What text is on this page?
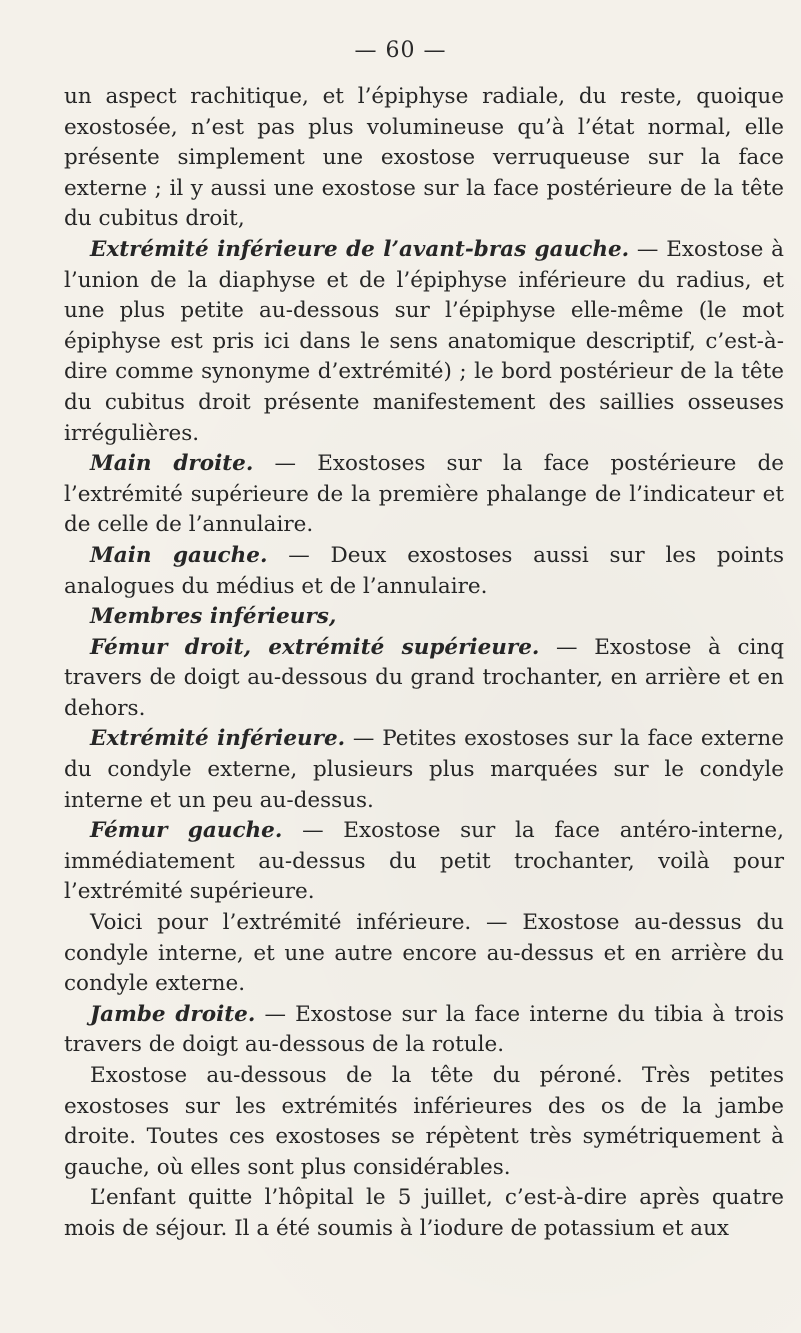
— 60 —

un aspect rachitique, et l’épiphyse radiale, du reste, quoique exostosée, n’est pas plus volumineuse qu’à l’état normal, elle présente simplement une exostose verruqueuse sur la face externe ; il y aussi une exostose sur la face postérieure de la tête du cubitus droit,

Extrémité inférieure de l’avant-bras gauche. — Exostose à l’union de la diaphyse et de l’épiphyse inférieure du radius, et une plus petite au-dessous sur l’épiphyse elle-même (le mot épiphyse est pris ici dans le sens anatomique descriptif, c’est-à-dire comme synonyme d’extrémité) ; le bord postérieur de la tête du cubitus droit présente manifestement des saillies osseuses irrégulières.

Main droite. — Exostoses sur la face postérieure de l’extrémité supérieure de la première phalange de l’indicateur et de celle de l’annulaire.

Main gauche. — Deux exostoses aussi sur les points analogues du médius et de l’annulaire.

Membres inférieurs,

Fémur droit, extrémité supérieure. — Exostose à cinq travers de doigt au-dessous du grand trochanter, en arrière et en dehors.

Extrémité inférieure. — Petites exostoses sur la face externe du condyle externe, plusieurs plus marquées sur le condyle interne et un peu au-dessus.

Fémur gauche. — Exostose sur la face antéro-interne, immédiatement au-dessus du petit trochanter, voilà pour l’extrémité supérieure.

Voici pour l’extrémité inférieure. — Exostose au-dessus du condyle interne, et une autre encore au-dessus et en arrière du condyle externe.

Jambe droite. — Exostose sur la face interne du tibia à trois travers de doigt au-dessous de la rotule.

Exostose au-dessous de la tête du péroné. Très petites exostoses sur les extrémités inférieures des os de la jambe droite. Toutes ces exostoses se répètent très symétriquement à gauche, où elles sont plus considérables.

L’enfant quitte l’hôpital le 5 juillet, c’est-à-dire après quatre mois de séjour. Il a été soumis à l’iodure de potassium et aux
